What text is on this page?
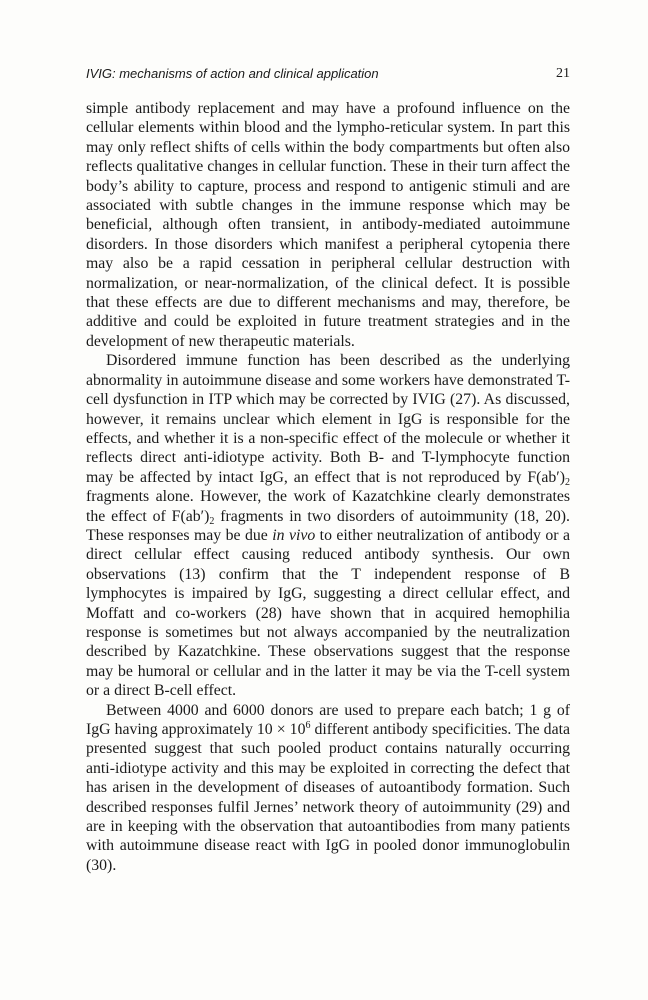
IVIG: mechanisms of action and clinical application	21

simple antibody replacement and may have a profound influence on the cellular elements within blood and the lympho-reticular system. In part this may only reflect shifts of cells within the body compartments but often also reflects qualitative changes in cellular function. These in their turn affect the body’s ability to capture, process and respond to antigenic stimuli and are associated with subtle changes in the immune response which may be beneficial, although often transient, in antibody-mediated autoimmune disorders. In those disorders which manifest a peripheral cytopenia there may also be a rapid cessation in peripheral cellular destruction with normalization, or near-normalization, of the clinical defect. It is possible that these effects are due to different mechanisms and may, therefore, be additive and could be exploited in future treatment strategies and in the development of new therapeutic materials.

Disordered immune function has been described as the underlying abnormality in autoimmune disease and some workers have demonstrated T-cell dysfunction in ITP which may be corrected by IVIG (27). As discussed, however, it remains unclear which element in IgG is responsible for the effects, and whether it is a non-specific effect of the molecule or whether it reflects direct anti-idiotype activity. Both B- and T-lymphocyte function may be affected by intact IgG, an effect that is not reproduced by $F(ab')_2$ fragments alone. However, the work of Kazatchkine clearly demonstrates the effect of $F(ab')_2$ fragments in two disorders of autoimmunity (18, 20). These responses may be due in vivo to either neutralization of antibody or a direct cellular effect causing reduced antibody synthesis. Our own observations (13) confirm that the T independent response of B lymphocytes is impaired by IgG, suggesting a direct cellular effect, and Moffatt and co-workers (28) have shown that in acquired hemophilia response is sometimes but not always accompanied by the neutralization described by Kazatchkine. These observations suggest that the response may be humoral or cellular and in the latter it may be via the T-cell system or a direct B-cell effect.

Between 4000 and 6000 donors are used to prepare each batch; 1 g of IgG having approximately $10 \times 10^6$ different antibody specificities. The data presented suggest that such pooled product contains naturally occurring anti-idiotype activity and this may be exploited in correcting the defect that has arisen in the development of diseases of autoantibody formation. Such described responses fulfil Jernes’ network theory of autoimmunity (29) and are in keeping with the observation that autoantibodies from many patients with autoimmune disease react with IgG in pooled donor immunoglobulin (30).
